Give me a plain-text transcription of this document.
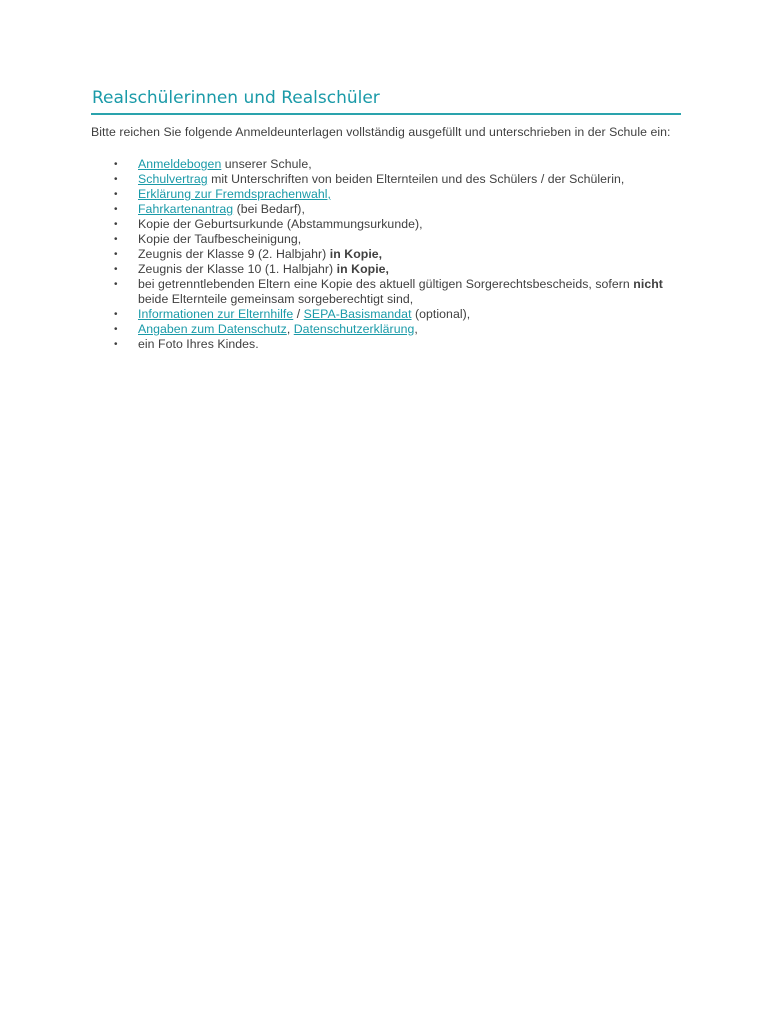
Realschülerinnen und Realschüler

Bitte reichen Sie folgende Anmeldeunterlagen vollständig ausgefüllt und unterschrieben in der Schule ein:

• Anmeldebogen unserer Schule,
• Schulvertrag mit Unterschriften von beiden Elternteilen und des Schülers / der Schülerin,
• Erklärung zur Fremdsprachenwahl,
• Fahrkartenantrag (bei Bedarf),
• Kopie der Geburtsurkunde (Abstammungsurkunde),
• Kopie der Taufbescheinigung,
• Zeugnis der Klasse 9 (2. Halbjahr) in Kopie,
• Zeugnis der Klasse 10 (1. Halbjahr) in Kopie,
• bei getrenntlebenden Eltern eine Kopie des aktuell gültigen Sorgerechtsbescheids, sofern nicht beide Elternteile gemeinsam sorgeberechtigt sind,
• Informationen zur Elternhilfe / SEPA-Basismandat (optional),
• Angaben zum Datenschutz, Datenschutzerklärung,
• ein Foto Ihres Kindes.
